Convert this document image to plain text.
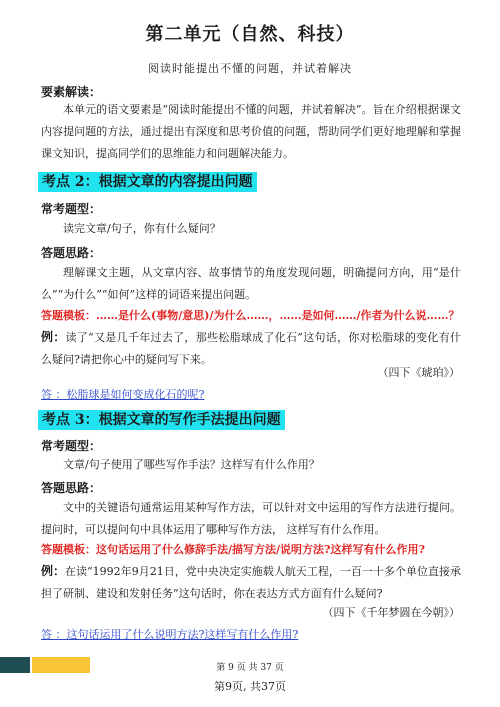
第二单元（自然、科技）
阅读时能提出不懂的问题，并试着解决
要素解读：
本单元的语文要素是“阅读时能提出不懂的问题，并试着解决”。旨在介绍根据课文内容提问题的方法，通过提出有深度和思考价值的问题，帮助同学们更好地理解和掌握课文知识，提高同学们的思维能力和问题解决能力。
考点 2：根据文章的内容提出问题
常考题型：
读完文章/句子，你有什么疑问？
答题思路：
理解课文主题，从文章内容、故事情节的角度发现问题，明确提问方向，用“是什么”“为什么”“如何”这样的词语来提出问题。
答题模板：……是什么(事物/意思)/为什么……，……是如何……/作者为什么说……？
例：读了“又是几千年过去了，那些松脂球成了化石”这句话，你对松脂球的变化有什么疑问?请把你心中的疑问写下来。
（四下《琥珀》）
答 ：松脂球是如何变成化石的呢?
考点 3：根据文章的写作手法提出问题
常考题型：
文章/句子使用了哪些写作手法？这样写有什么作用？
答题思路：
文中的关键语句通常运用某种写作方法，可以针对文中运用的写作方法进行提问。提问时，可以提问句中具体运用了哪种写作方法， 这样写有什么作用。
答题模板：这句话运用了什么修辞手法/描写方法/说明方法?这样写有什么作用?
例：在读“1992年9月21日，党中央决定实施载人航天工程，一百一十多个单位直接承担了研制、建设和发射任务”这句话时，你在表达方式方面有什么疑问?
（四下《千年梦圆在今朝》）
答 ：这句话运用了什么说明方法?这样写有什么作用?
第 9 页 共 37 页
第9页, 共37页
